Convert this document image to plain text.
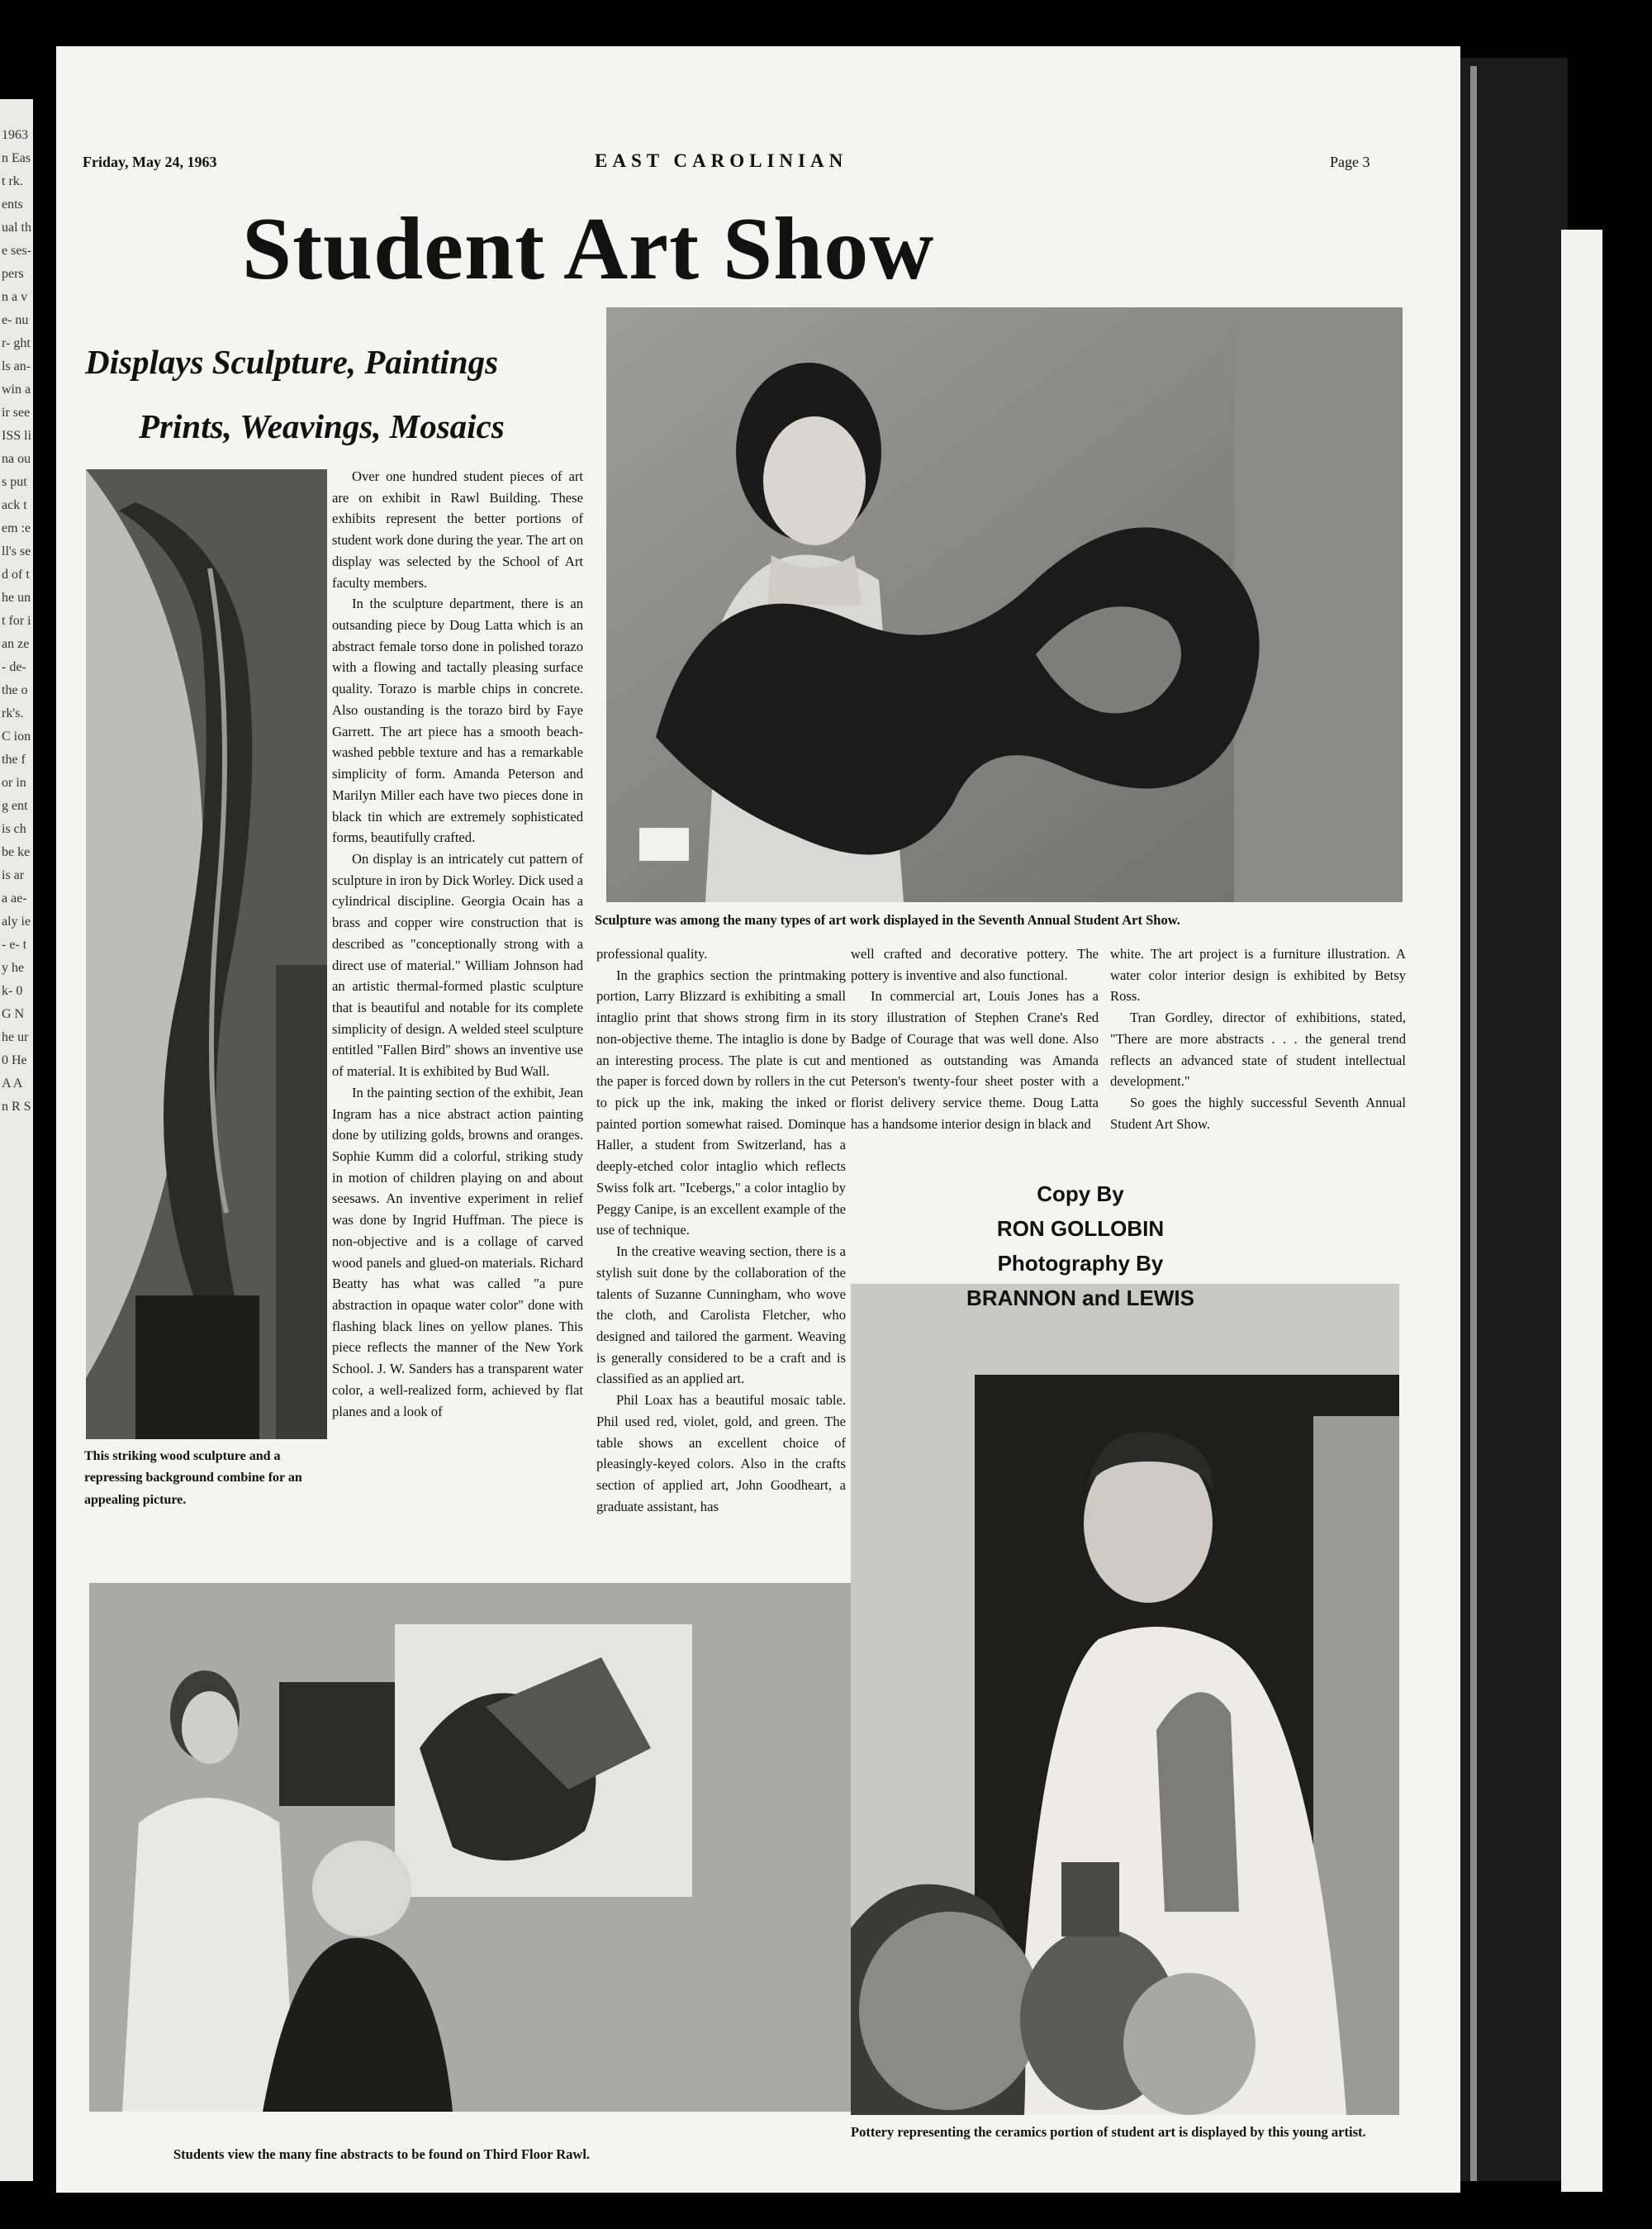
1963 n East rk. ents ual the ses- pers n a ve- nur- ght ls an- win air see ISS lina ous put ack tem :ell's sed of the unt for ian ze- de- the ork's. C ion the for ing ent is ch be ke is ar a ae- aly ie- e- ty he k- 0 G N he ur 0 He A A n R S
Friday, May 24, 1963	EAST CAROLINIAN	Page 3
Student Art Show
Displays Sculpture, Paintings
Prints, Weavings, Mosaics
Sculpture was among the many types of art work displayed in the Seventh Annual Student Art Show.
This striking wood sculpture and a repressing background combine for an appealing picture.
Students view the many fine abstracts to be found on Third Floor Rawl.
Pottery representing the ceramics portion of student art is displayed by this young artist.

Over one hundred student pieces of art are on exhibit in Rawl Building. These exhibits represent the better portions of student work done during the year. The art on display was selected by the School of Art faculty members.

In the sculpture department, there is an outsanding piece by Doug Latta which is an abstract female torso done in polished torazo with a flowing and tactally pleasing surface quality. Torazo is marble chips in concrete. Also oustanding is the torazo bird by Faye Garrett. The art piece has a smooth beach-washed pebble texture and has a remarkable simplicity of form. Amanda Peterson and Marilyn Miller each have two pieces done in black tin which are extremely sophisticated forms, beautifully crafted.

On display is an intricately cut pattern of sculpture in iron by Dick Worley. Dick used a cylindrical discipline. Georgia Ocain has a brass and copper wire construction that is described as "conceptionally strong with a direct use of material." William Johnson had an artistic thermal-formed plastic sculpture that is beautiful and notable for its complete simplicity of design. A welded steel sculpture entitled "Fallen Bird" shows an inventive use of material. It is exhibited by Bud Wall.

In the painting section of the exhibit, Jean Ingram has a nice abstract action painting done by utilizing golds, browns and oranges. Sophie Kumm did a colorful, striking study in motion of children playing on and about seesaws. An inventive experiment in relief was done by Ingrid Huffman. The piece is non-objective and is a collage of carved wood panels and glued-on materials. Richard Beatty has what was called "a pure abstraction in opaque water color" done with flashing black lines on yellow planes. This piece reflects the manner of the New York School. J. W. Sanders has a transparent water color, a well-realized form, achieved by flat planes and a look of

professional quality.

In the graphics section the printmaking portion, Larry Blizzard is exhibiting a small intaglio print that shows strong firm in its non-objective theme. The intaglio is done by an interesting process. The plate is cut and the paper is forced down by rollers in the cut to pick up the ink, making the inked or painted portion somewhat raised. Dominque Haller, a student from Switzerland, has a deeply-etched color intaglio which reflects Swiss folk art. "Icebergs," a color intaglio by Peggy Canipe, is an excellent example of the use of technique.

In the creative weaving section, there is a stylish suit done by the collaboration of the talents of Suzanne Cunningham, who wove the cloth, and Carolista Fletcher, who designed and tailored the garment. Weaving is generally considered to be a craft and is classified as an applied art.

Phil Loax has a beautiful mosaic table. Phil used red, violet, gold, and green. The table shows an excellent choice of pleasingly-keyed colors. Also in the crafts section of applied art, John Goodheart, a graduate assistant, has

well crafted and decorative pottery. The pottery is inventive and also functional.

In commercial art, Louis Jones has a story illustration of Stephen Crane's Red Badge of Courage that was well done. Also mentioned as outstanding was Amanda Peterson's twenty-four sheet poster with a florist delivery service theme. Doug Latta has a handsome interior design in black and

white. The art project is a furniture illustration. A water color interior design is exhibited by Betsy Ross.

Tran Gordley, director of exhibitions, stated, "There are more abstracts . . . the general trend reflects an advanced state of student intellectual development."

So goes the highly successful Seventh Annual Student Art Show.

Copy By
RON GOLLOBIN
Photography By
BRANNON and LEWIS
